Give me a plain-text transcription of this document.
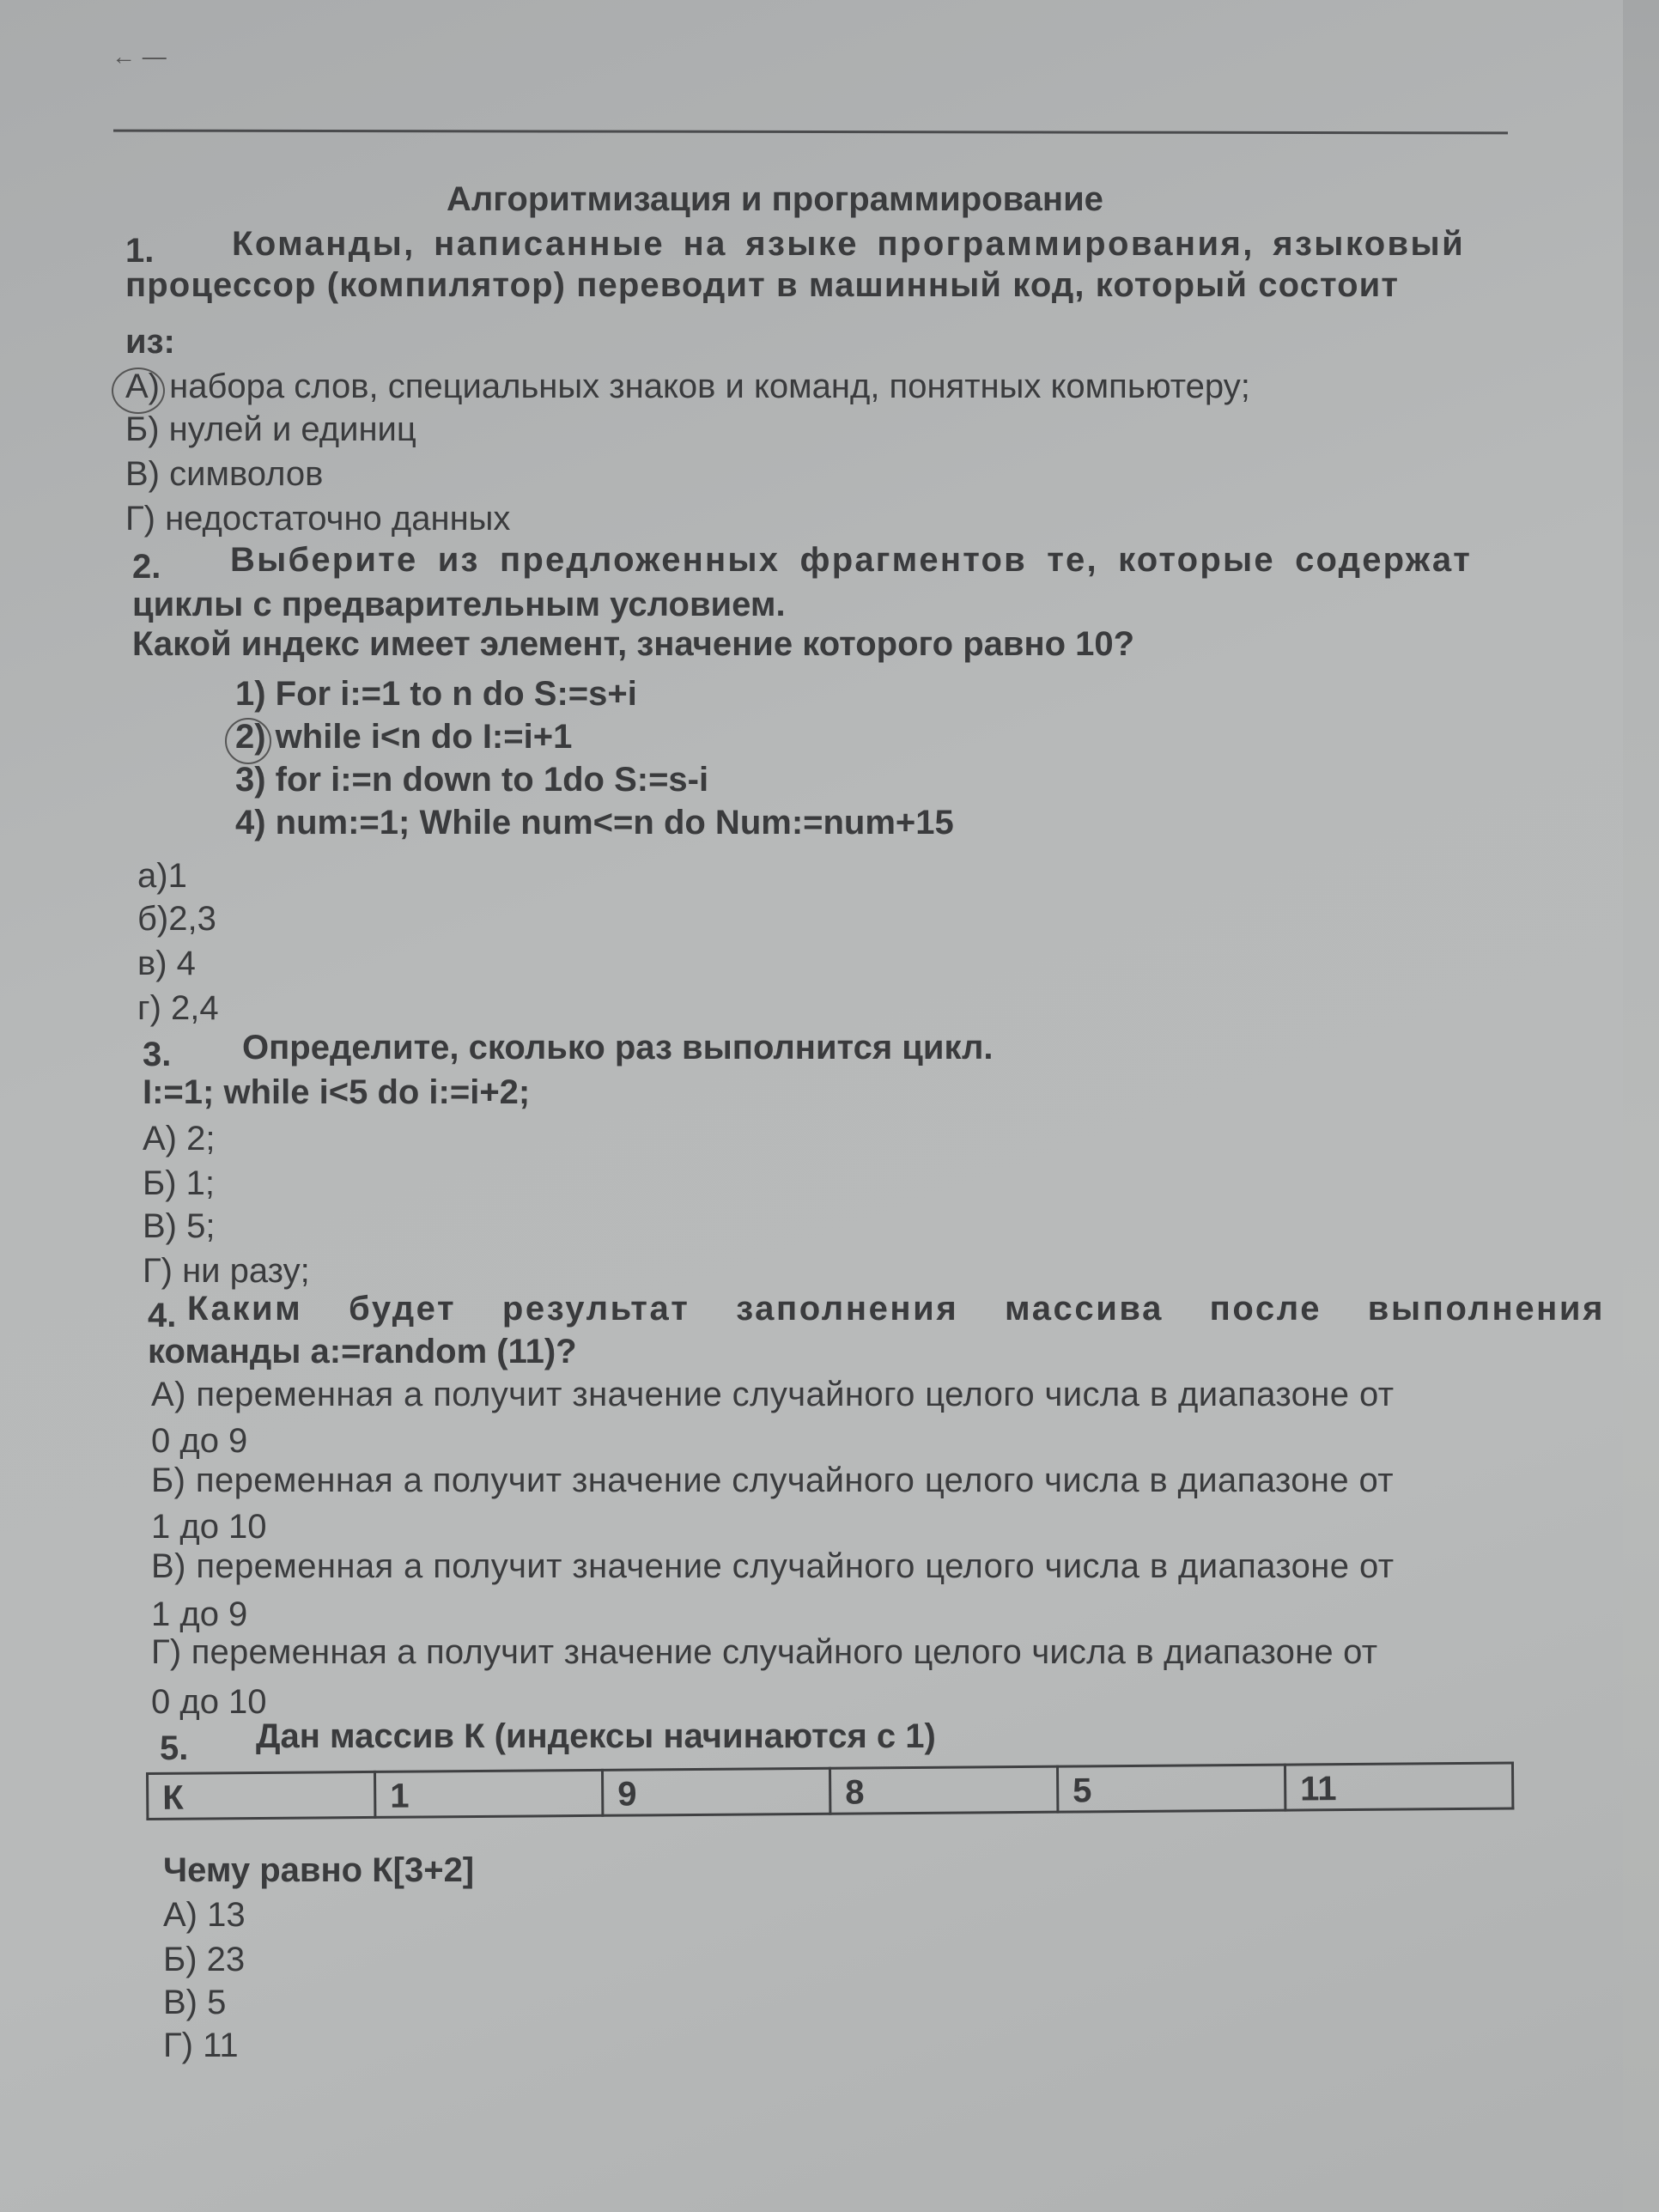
← —
Алгоритмизация и программирование
1. Команды, написанные на языке программирования, языковый
процессор (компилятор) переводит в машинный код, который состоит
из:
А) набора слов, специальных знаков и команд, понятных компьютеру;
Б) нулей и единиц
В) символов
Г) недостаточно данных
2. Выберите из предложенных фрагментов те, которые содержат
циклы с предварительным условием.
Какой индекс имеет элемент, значение которого равно 10?
1) For i:=1 to n do S:=s+i
2) while i<n do I:=i+1
3) for i:=n down to 1do S:=s-i
4) num:=1; While num<=n do Num:=num+15
а)1
б)2,3
в) 4
г) 2,4
3. Определите, сколько раз выполнится цикл.
I:=1; while i<5 do i:=i+2;
А) 2;
Б) 1;
В) 5;
Г) ни разу;
4. Каким будет результат заполнения массива после выполнения
команды a:=random (11)?
А) переменная а получит значение случайного целого числа в диапазоне от
0 до 9
Б) переменная а получит значение случайного целого числа в диапазоне от
1 до 10
В) переменная а получит значение случайного целого числа в диапазоне от
1 до 9
Г) переменная а получит значение случайного целого числа в диапазоне от
0 до 10
5. Дан массив К (индексы начинаются с 1)
К	1	9	8	5	11
Чему равно К[3+2]
А) 13
Б) 23
В) 5
Г) 11
